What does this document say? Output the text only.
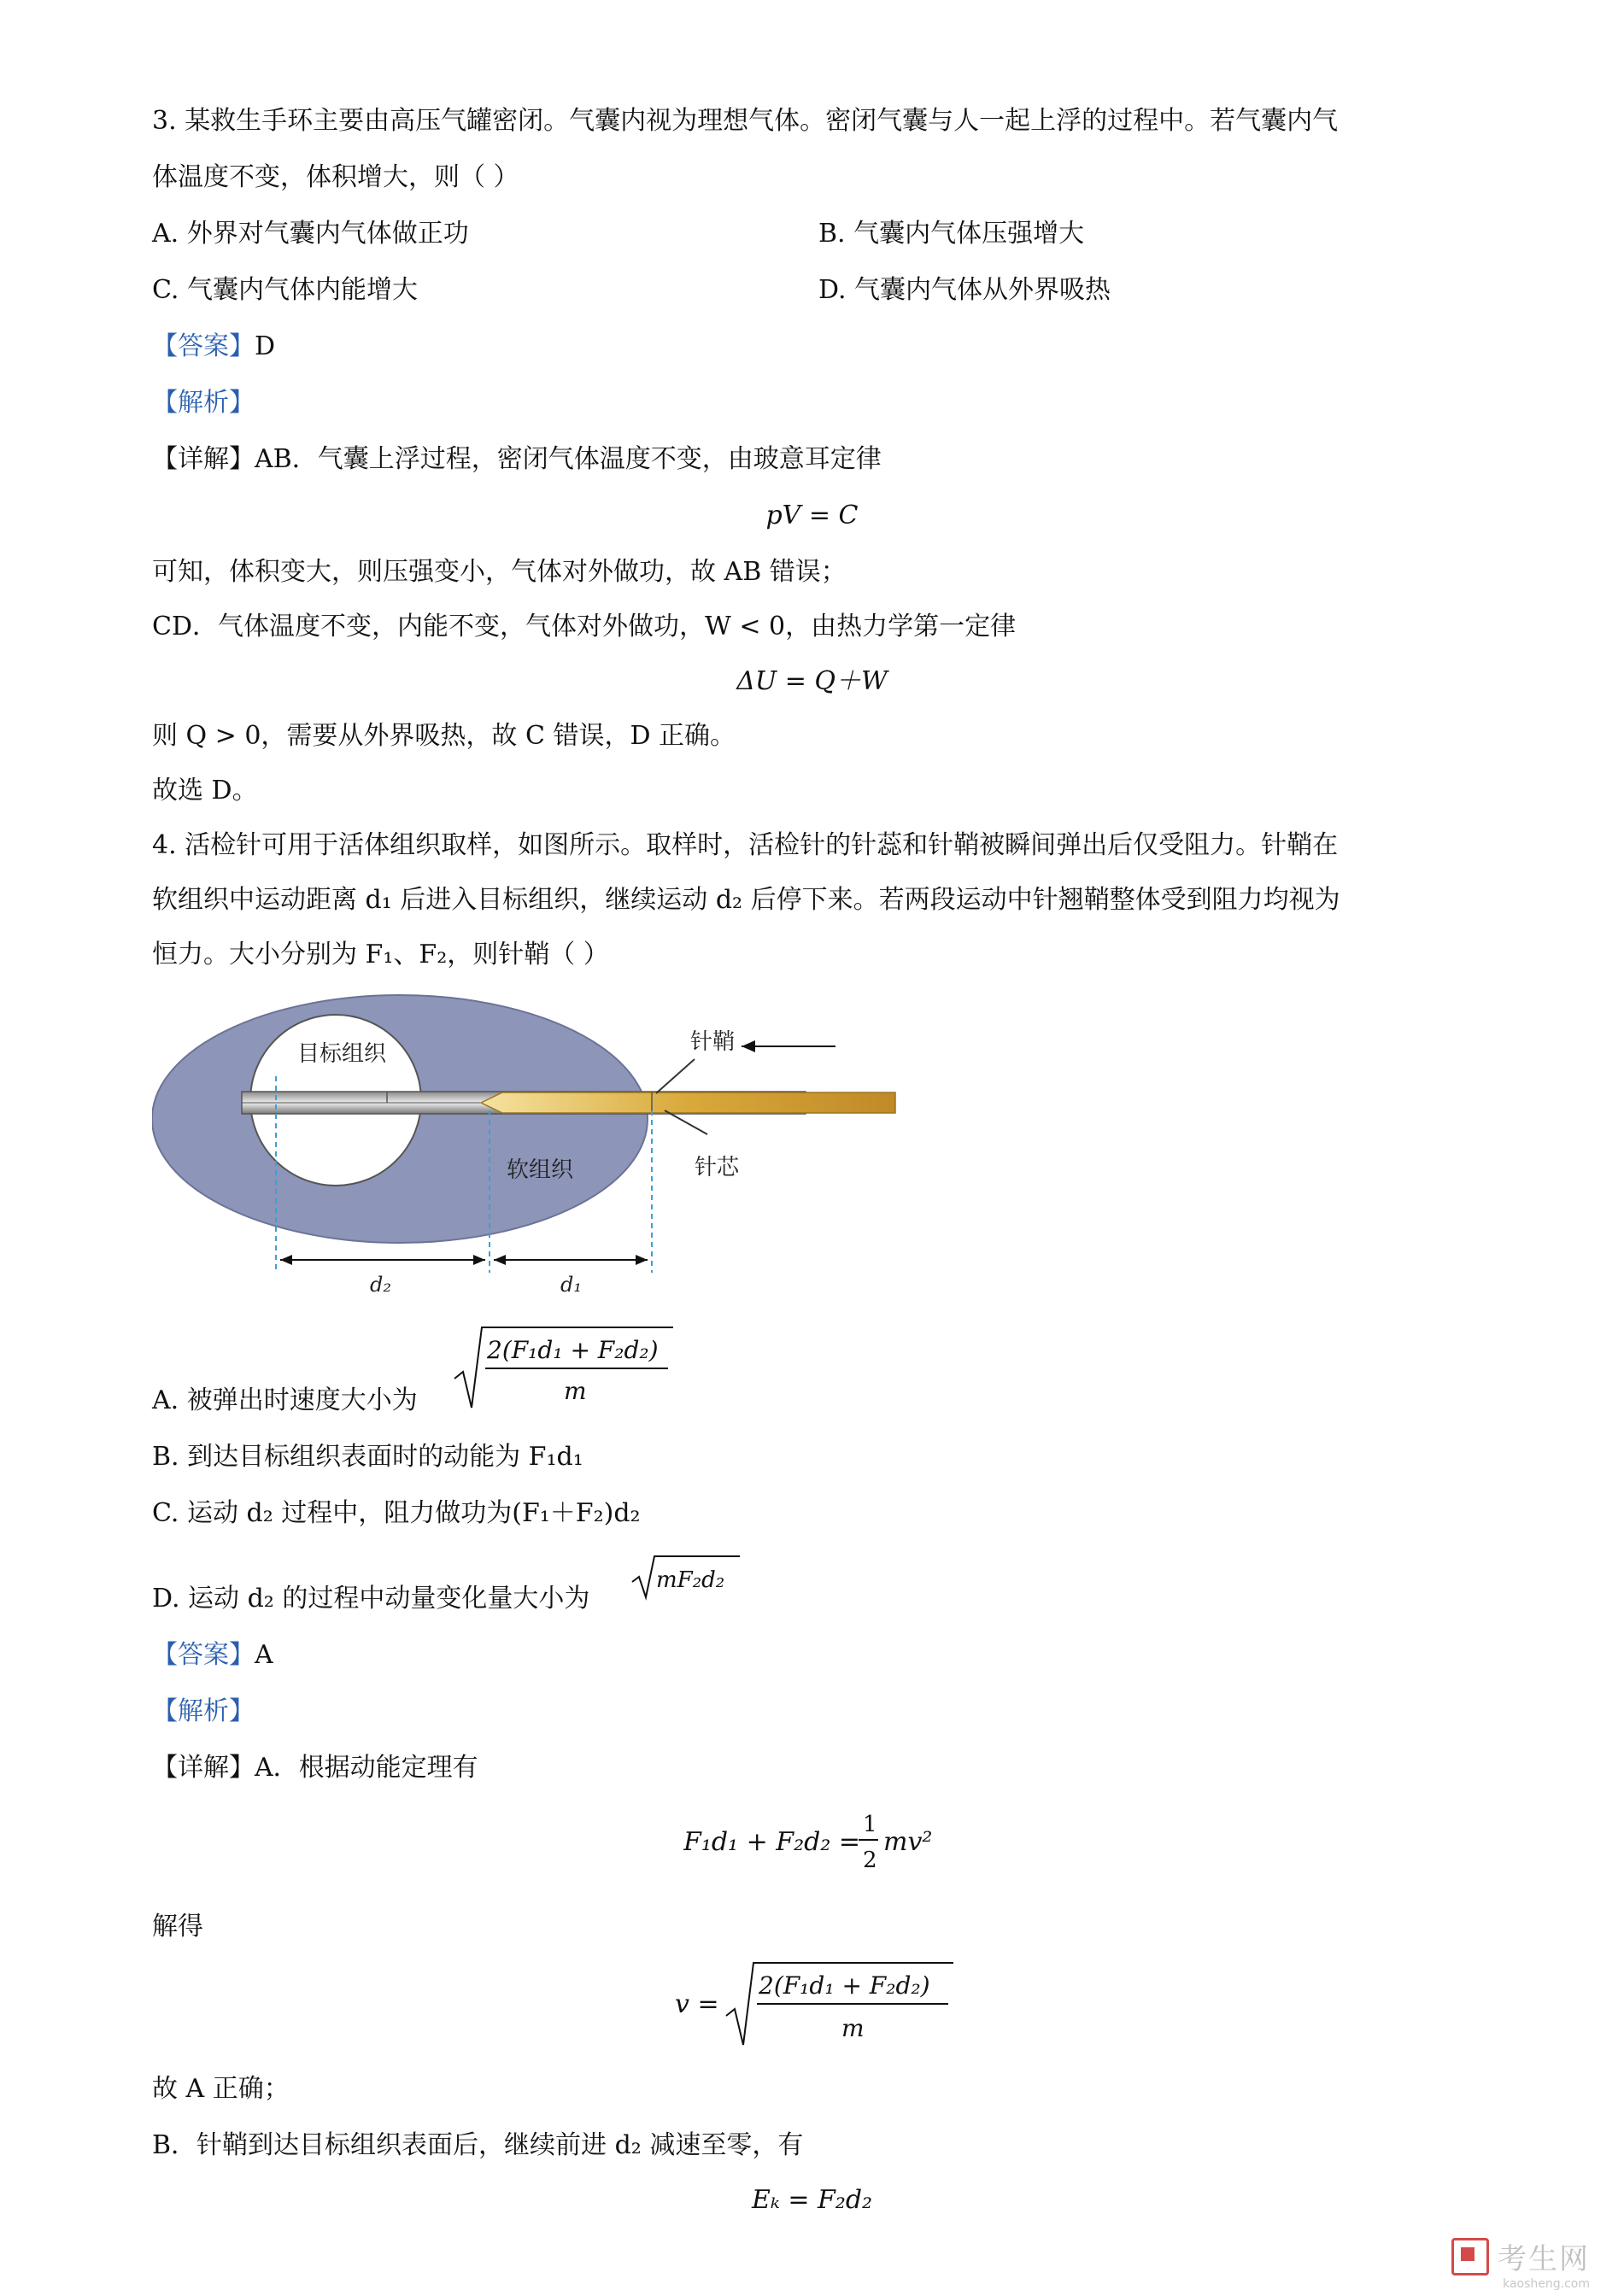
3. 某救生手环主要由高压气罐密闭。气囊内视为理想气体。密闭气囊与人一起上浮的过程中。若气囊内气
体温度不变，体积增大，则（ ）
A. 外界对气囊内气体做正功	B. 气囊内气体压强增大
C. 气囊内气体内能增大	D. 气囊内气体从外界吸热
【答案】D
【解析】
【详解】AB．气囊上浮过程，密闭气体温度不变，由玻意耳定律
pV = C
可知，体积变大，则压强变小，气体对外做功，故 AB 错误；
CD．气体温度不变，内能不变，气体对外做功，W < 0，由热力学第一定律
ΔU = Q＋W
则 Q > 0，需要从外界吸热，故 C 错误，D 正确。
故选 D。
4. 活检针可用于活体组织取样，如图所示。取样时，活检针的针蕊和针鞘被瞬间弹出后仅受阻力。针鞘在
软组织中运动距离 d₁ 后进入目标组织，继续运动 d₂ 后停下来。若两段运动中针翘鞘整体受到阻力均视为
恒力。大小分别为 F₁、F₂，则针鞘（ ）
目标组织	针鞘
软组织	针芯
d₂	d₁
A. 被弹出时速度大小为
2(F₁d₁ + F₂d₂)
m
B. 到达目标组织表面时的动能为 F₁d₁
C. 运动 d₂ 过程中，阻力做功为(F₁＋F₂)d₂
D. 运动 d₂ 的过程中动量变化量大小为
mF₂d₂
【答案】A
【解析】
【详解】A．根据动能定理有
F₁d₁ + F₂d₂ =
1
2
mv²
解得
v =
2(F₁d₁ + F₂d₂)
m
故 A 正确；
B．针鞘到达目标组织表面后，继续前进 d₂ 减速至零，有
Eₖ = F₂d₂
考生网
kaosheng.com
